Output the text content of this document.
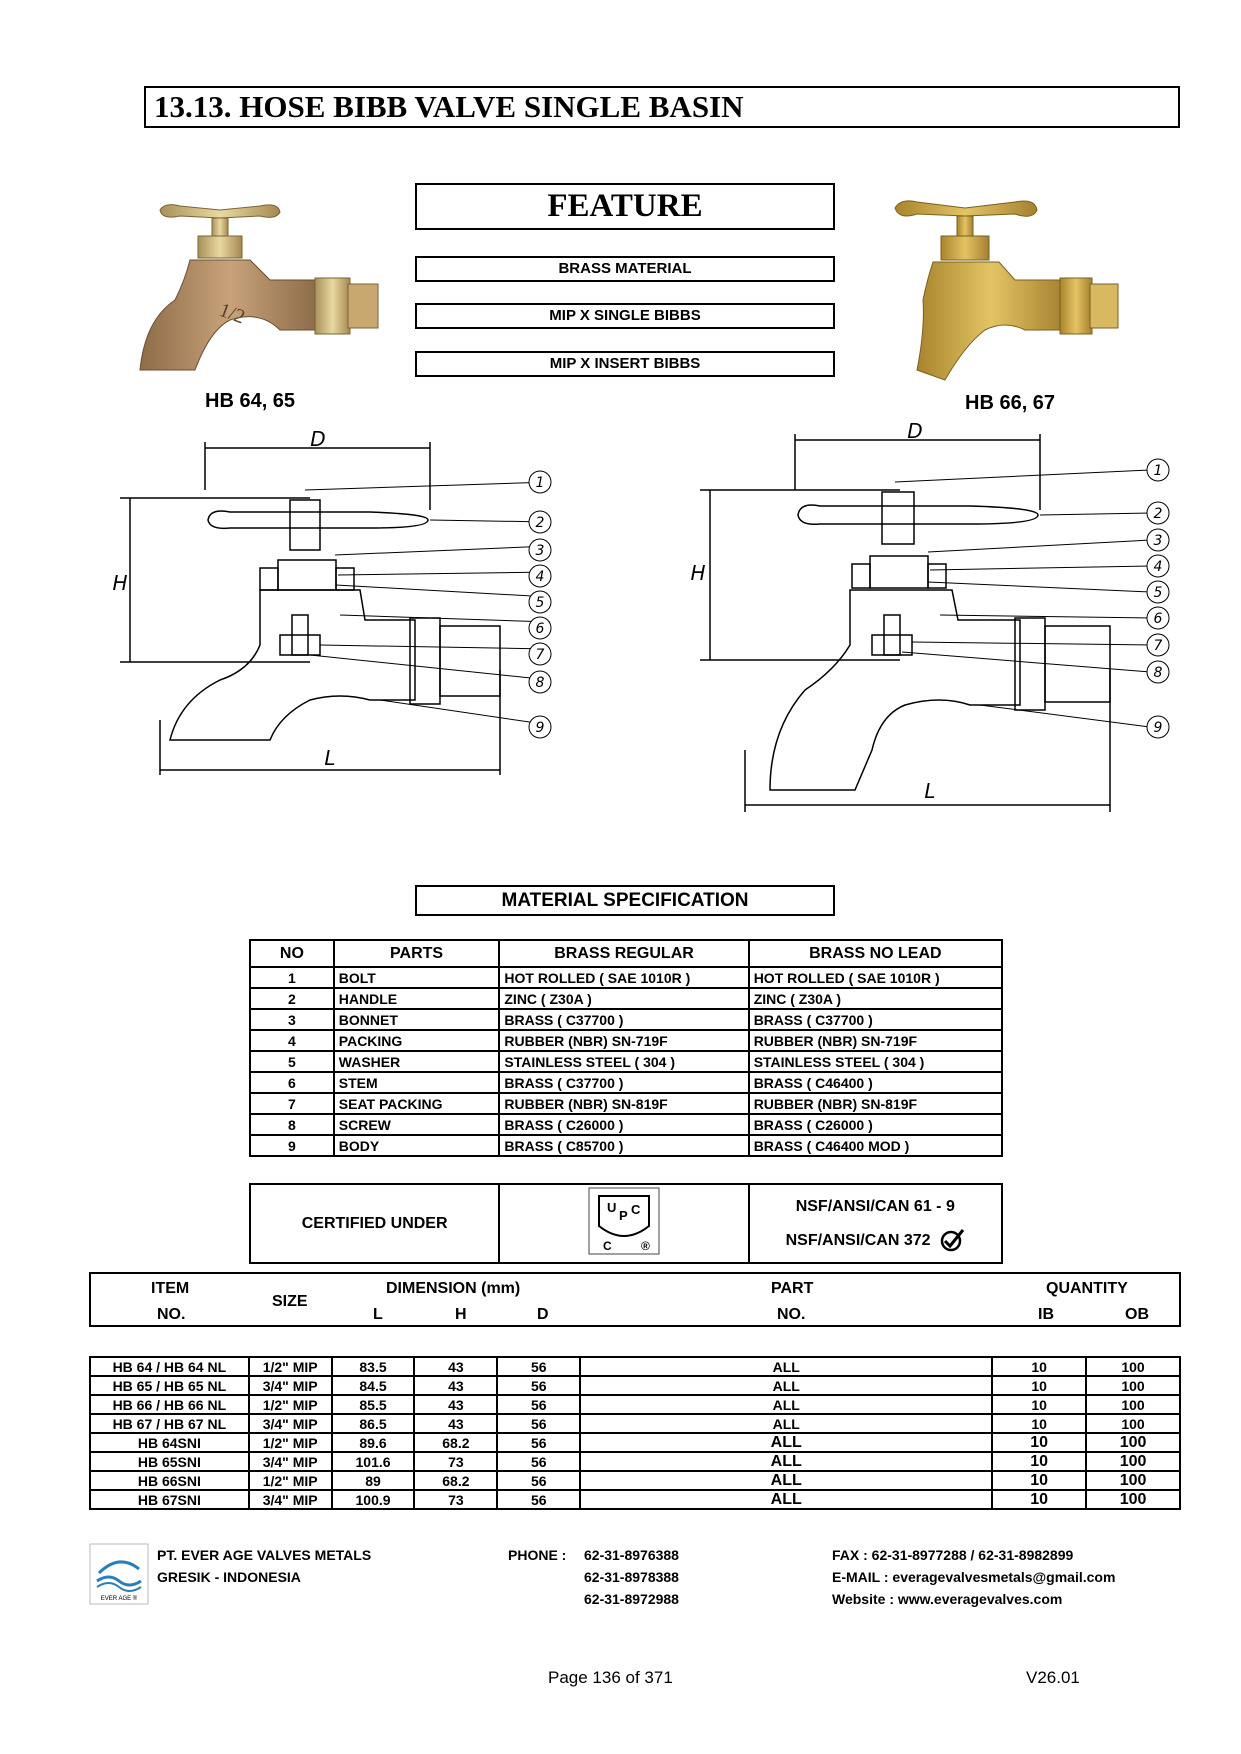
13.13. HOSE BIBB VALVE SINGLE BASIN
1/2
FEATURE
BRASS MATERIAL
MIP X SINGLE BIBBS
MIP X INSERT BIBBS
HB 64, 65	HB 66, 67
1
2
3
4
5
6
7
8
9
D
H
L
1
2
3
4
5
6
7
8
9
D
H
L
MATERIAL SPECIFICATION
NO	PARTS	BRASS REGULAR	BRASS NO LEAD
1	BOLT	HOT ROLLED ( SAE 1010R )	HOT ROLLED ( SAE 1010R )
2	HANDLE	ZINC ( Z30A )	ZINC ( Z30A )
3	BONNET	BRASS ( C37700 )	BRASS ( C37700 )
4	PACKING	RUBBER (NBR) SN-719F	RUBBER (NBR) SN-719F
5	WASHER	STAINLESS STEEL ( 304 )	STAINLESS STEEL ( 304 )
6	STEM	BRASS ( C37700 )	BRASS ( C46400 )
7	SEAT PACKING	RUBBER (NBR) SN-819F	RUBBER (NBR) SN-819F
8	SCREW	BRASS ( C26000 )	BRASS ( C26000 )
9	BODY	BRASS ( C85700 )	BRASS ( C46400 MOD )
CERTIFIED UNDER	
U
P C
C ®

NSF/ANSI/CAN 61 - 9
NSF/ANSI/CAN 372
ITEM
NO.
SIZE
DIMENSION (mm)
L	H	D
PART
NO.
QUANTITY
IB	OB
HB 64 / HB 64 NL	1/2" MIP	83.5	43	56	ALL	10	100
HB 65 / HB 65 NL	3/4" MIP	84.5	43	56	ALL	10	100
HB 66 / HB 66 NL	1/2" MIP	85.5	43	56	ALL	10	100
HB 67 / HB 67 NL	3/4" MIP	86.5	43	56	ALL	10	100
HB 64SNI	1/2" MIP	89.6	68.2	56	ALL	10	100
HB 65SNI	3/4" MIP	101.6	73	56	ALL	10	100
HB 66SNI	1/2" MIP	89	68.2	56	ALL	10	100
HB 67SNI	3/4" MIP	100.9	73	56	ALL	10	100
EVER AGE ®
PT. EVER AGE VALVES METALS
GRESIK - INDONESIA
PHONE : 62-31-8976388
62-31-8978388
62-31-8972988
FAX : 62-31-8977288 / 62-31-8982899
E-MAIL : everagevalvesmetals@gmail.com
Website : www.everagevalves.com
Page 136 of 371	V26.01
